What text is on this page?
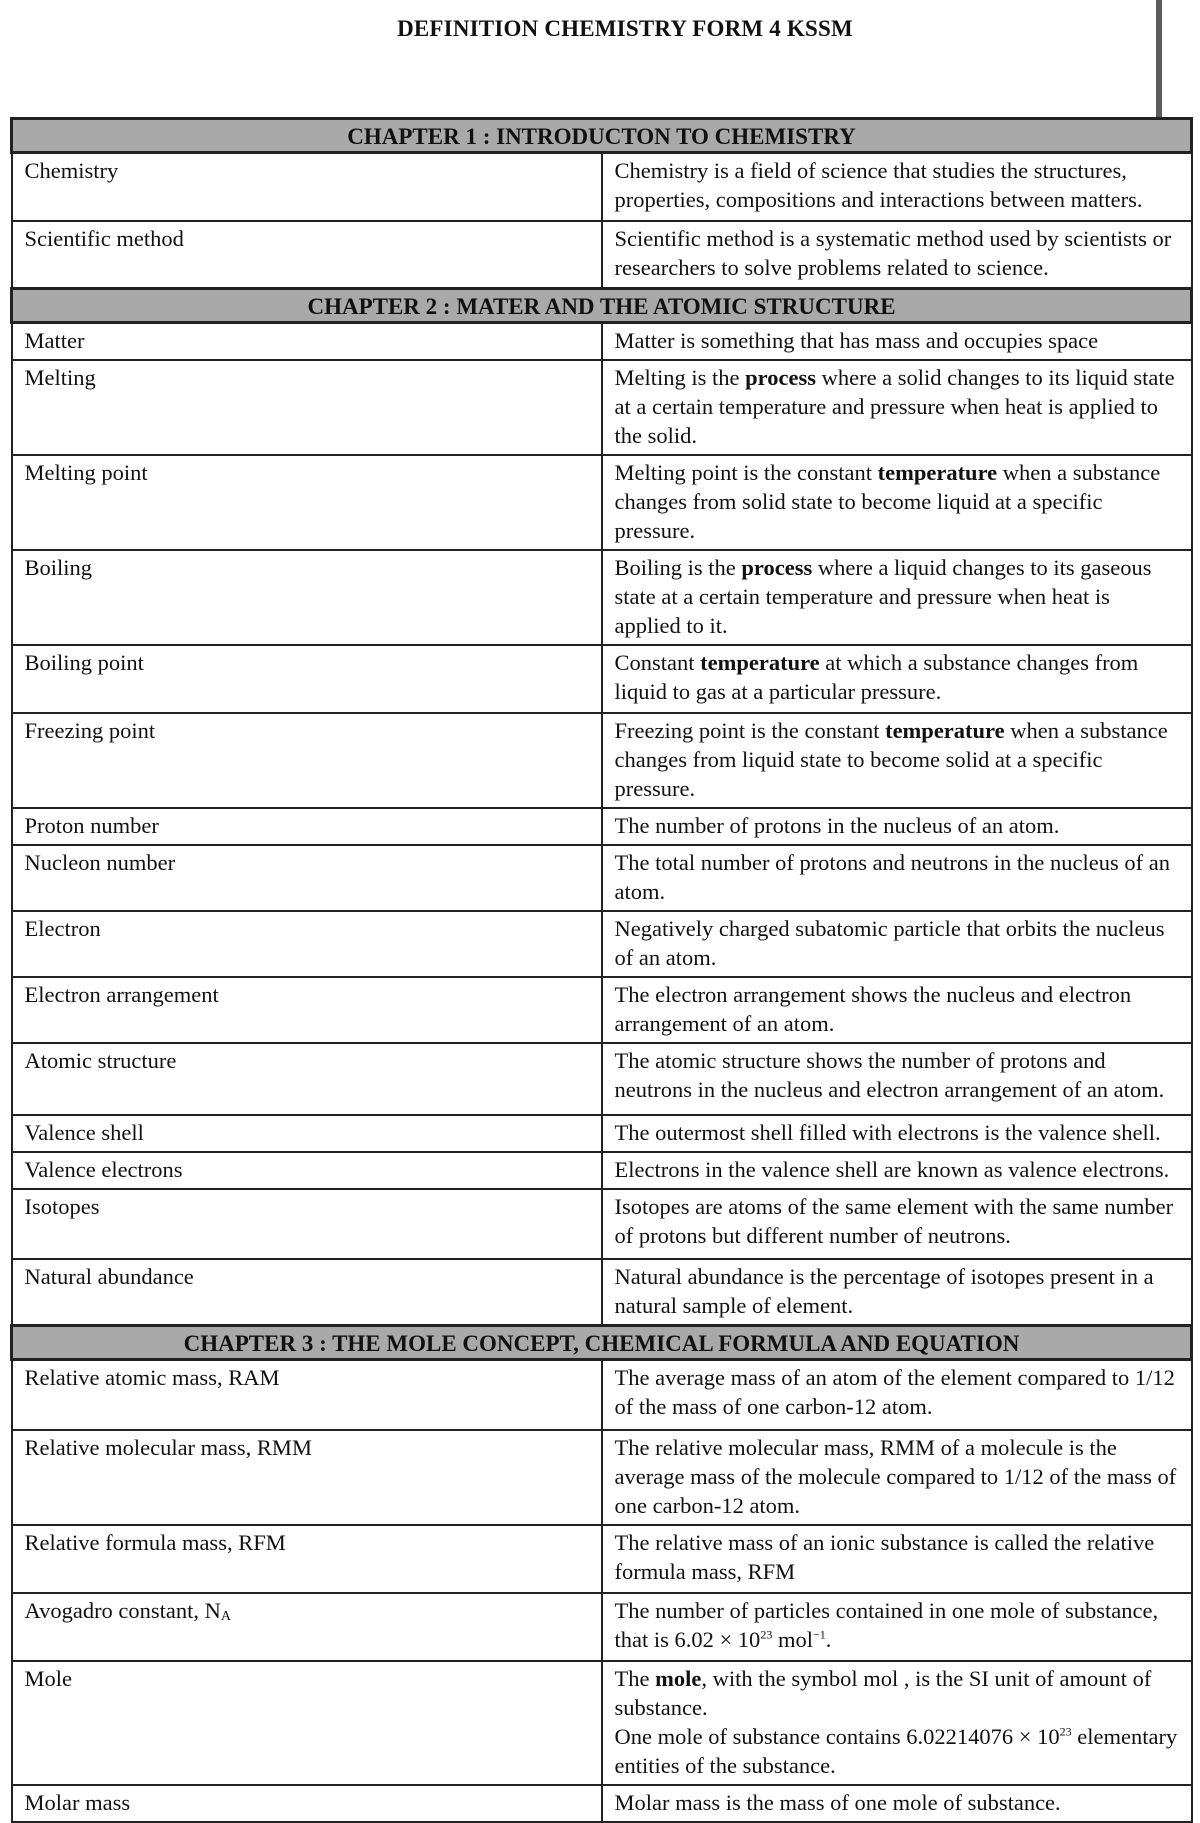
DEFINITION CHEMISTRY FORM 4 KSSM
CHAPTER 1 : INTRODUCTON TO CHEMISTRY	
Chemistry	Chemistry is a field of science that studies the structures, properties, compositions and interactions between matters.
Scientific method	Scientific method is a systematic method used by scientists or researchers to solve problems related to science.
CHAPTER 2 : MATER AND THE ATOMIC STRUCTURE	
Matter	Matter is something that has mass and occupies space
Melting	Melting is the process where a solid changes to its liquid state at a certain temperature and pressure when heat is applied to the solid.
Melting point	Melting point is the constant temperature when a substance changes from solid state to become liquid at a specific pressure.
Boiling	Boiling is the process where a liquid changes to its gaseous state at a certain temperature and pressure when heat is applied to it.
Boiling point	Constant temperature at which a substance changes from liquid to gas at a particular pressure.
Freezing point	Freezing point is the constant temperature when a substance changes from liquid state to become solid at a specific pressure.
Proton number	The number of protons in the nucleus of an atom.
Nucleon number	The total number of protons and neutrons in the nucleus of an atom.
Electron	Negatively charged subatomic particle that orbits the nucleus of an atom.
Electron arrangement	The electron arrangement shows the nucleus and electron arrangement of an atom.
Atomic structure	The atomic structure shows the number of protons and neutrons in the nucleus and electron arrangement of an atom.
Valence shell	The outermost shell filled with electrons is the valence shell.
Valence electrons	Electrons in the valence shell are known as valence electrons.
Isotopes	Isotopes are atoms of the same element with the same number of protons but different number of neutrons.
Natural abundance	Natural abundance is the percentage of isotopes present in a natural sample of element.
CHAPTER 3 : THE MOLE CONCEPT, CHEMICAL FORMULA AND EQUATION	
Relative atomic mass, RAM	The average mass of an atom of the element compared to 1/12 of the mass of one carbon-12 atom.
Relative molecular mass, RMM	The relative molecular mass, RMM of a molecule is the average mass of the molecule compared to 1/12 of the mass of one carbon-12 atom.
Relative formula mass, RFM	The relative mass of an ionic substance is called the relative formula mass, RFM
Avogadro constant, $N_A$	The number of particles contained in one mole of substance, that is $6.02 \times 10^{23}$ mol$^{-1}$.
Mole	The mole, with the symbol mol , is the SI unit of amount of substance.
One mole of substance contains $6.02214076 \times 10^{23}$ elementary entities of the substance.
Molar mass	Molar mass is the mass of one mole of substance.
